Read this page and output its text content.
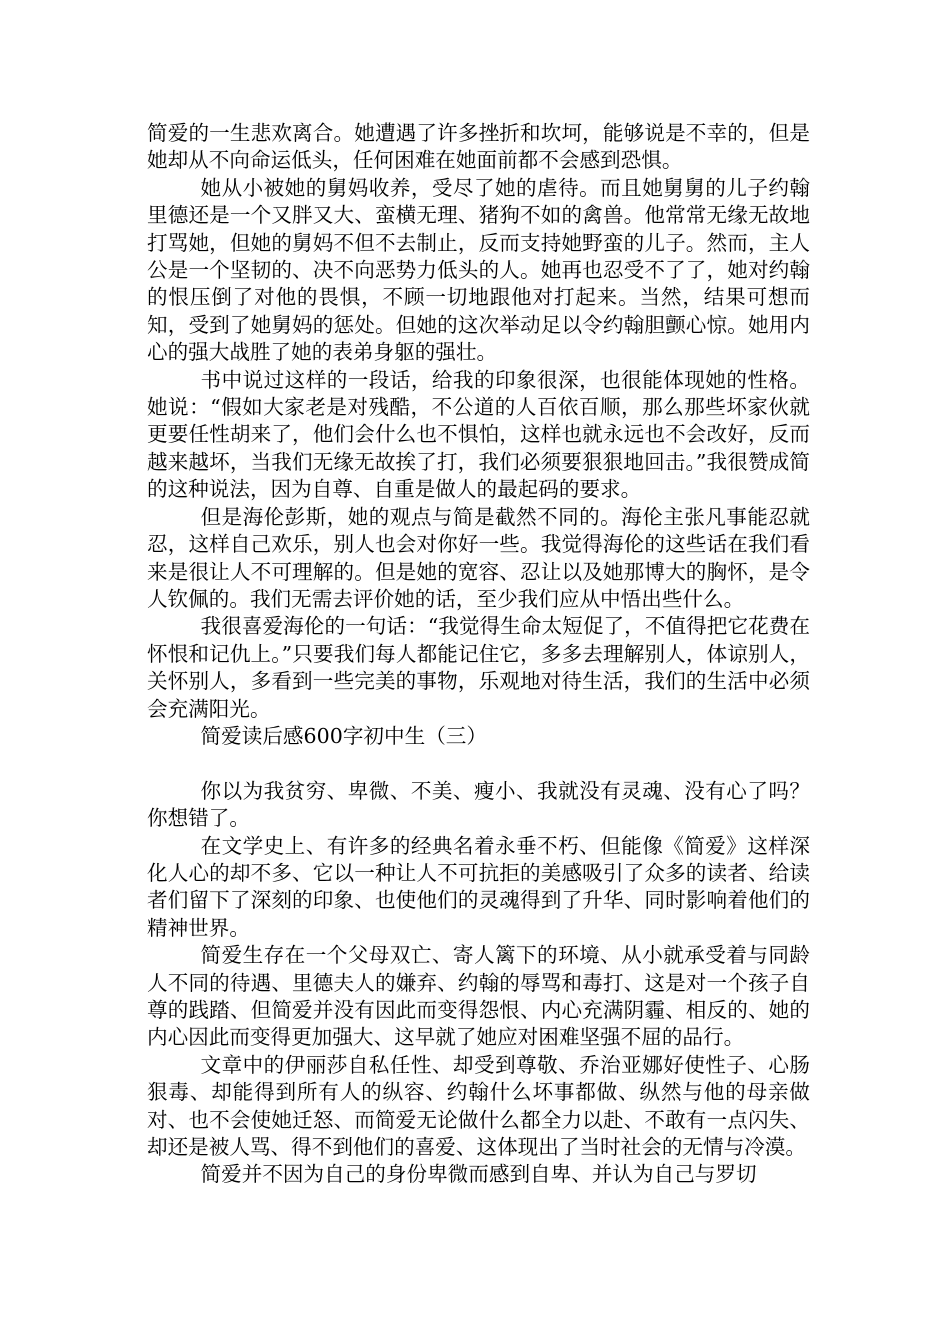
简爱的一生悲欢离合。她遭遇了许多挫折和坎坷，能够说是不幸的，但是她却从不向命运低头，任何困难在她面前都不会感到恐惧。

她从小被她的舅妈收养，受尽了她的虐待。而且她舅舅的儿子约翰里德还是一个又胖又大、蛮横无理、猪狗不如的禽兽。他常常无缘无故地打骂她，但她的舅妈不但不去制止，反而支持她野蛮的儿子。然而，主人公是一个坚韧的、决不向恶势力低头的人。她再也忍受不了了，她对约翰的恨压倒了对他的畏惧，不顾一切地跟他对打起来。当然，结果可想而知，受到了她舅妈的惩处。但她的这次举动足以令约翰胆颤心惊。她用内心的强大战胜了她的表弟身躯的强壮。

书中说过这样的一段话，给我的印象很深，也很能体现她的性格。她说：“假如大家老是对残酷，不公道的人百依百顺，那么那些坏家伙就更要任性胡来了，他们会什么也不惧怕，这样也就永远也不会改好，反而越来越坏，当我们无缘无故挨了打，我们必须要狠狠地回击。”我很赞成简的这种说法，因为自尊、自重是做人的最起码的要求。

但是海伦彭斯，她的观点与简是截然不同的。海伦主张凡事能忍就忍，这样自己欢乐，别人也会对你好一些。我觉得海伦的这些话在我们看来是很让人不可理解的。但是她的宽容、忍让以及她那博大的胸怀，是令人钦佩的。我们无需去评价她的话，至少我们应从中悟出些什么。

我很喜爱海伦的一句话：“我觉得生命太短促了，不值得把它花费在怀恨和记仇上。”只要我们每人都能记住它，多多去理解别人，体谅别人，关怀别人，多看到一些完美的事物，乐观地对待生活，我们的生活中必须会充满阳光。

简爱读后感600字初中生（三）

你以为我贫穷、卑微、不美、瘦小、我就没有灵魂、没有心了吗？你想错了。

在文学史上、有许多的经典名着永垂不朽、但能像《简爱》这样深化人心的却不多、它以一种让人不可抗拒的美感吸引了众多的读者、给读者们留下了深刻的印象、也使他们的灵魂得到了升华、同时影响着他们的精神世界。

简爱生存在一个父母双亡、寄人篱下的环境、从小就承受着与同龄人不同的待遇、里德夫人的嫌弃、约翰的辱骂和毒打、这是对一个孩子自尊的践踏、但简爱并没有因此而变得怨恨、内心充满阴霾、相反的、她的内心因此而变得更加强大、这早就了她应对困难坚强不屈的品行。

文章中的伊丽莎自私任性、却受到尊敬、乔治亚娜好使性子、心肠狠毒、却能得到所有人的纵容、约翰什么坏事都做、纵然与他的母亲做对、也不会使她迁怒、而简爱无论做什么都全力以赴、不敢有一点闪失、却还是被人骂、得不到他们的喜爱、这体现出了当时社会的无情与冷漠。

简爱并不因为自己的身份卑微而感到自卑、并认为自己与罗切
